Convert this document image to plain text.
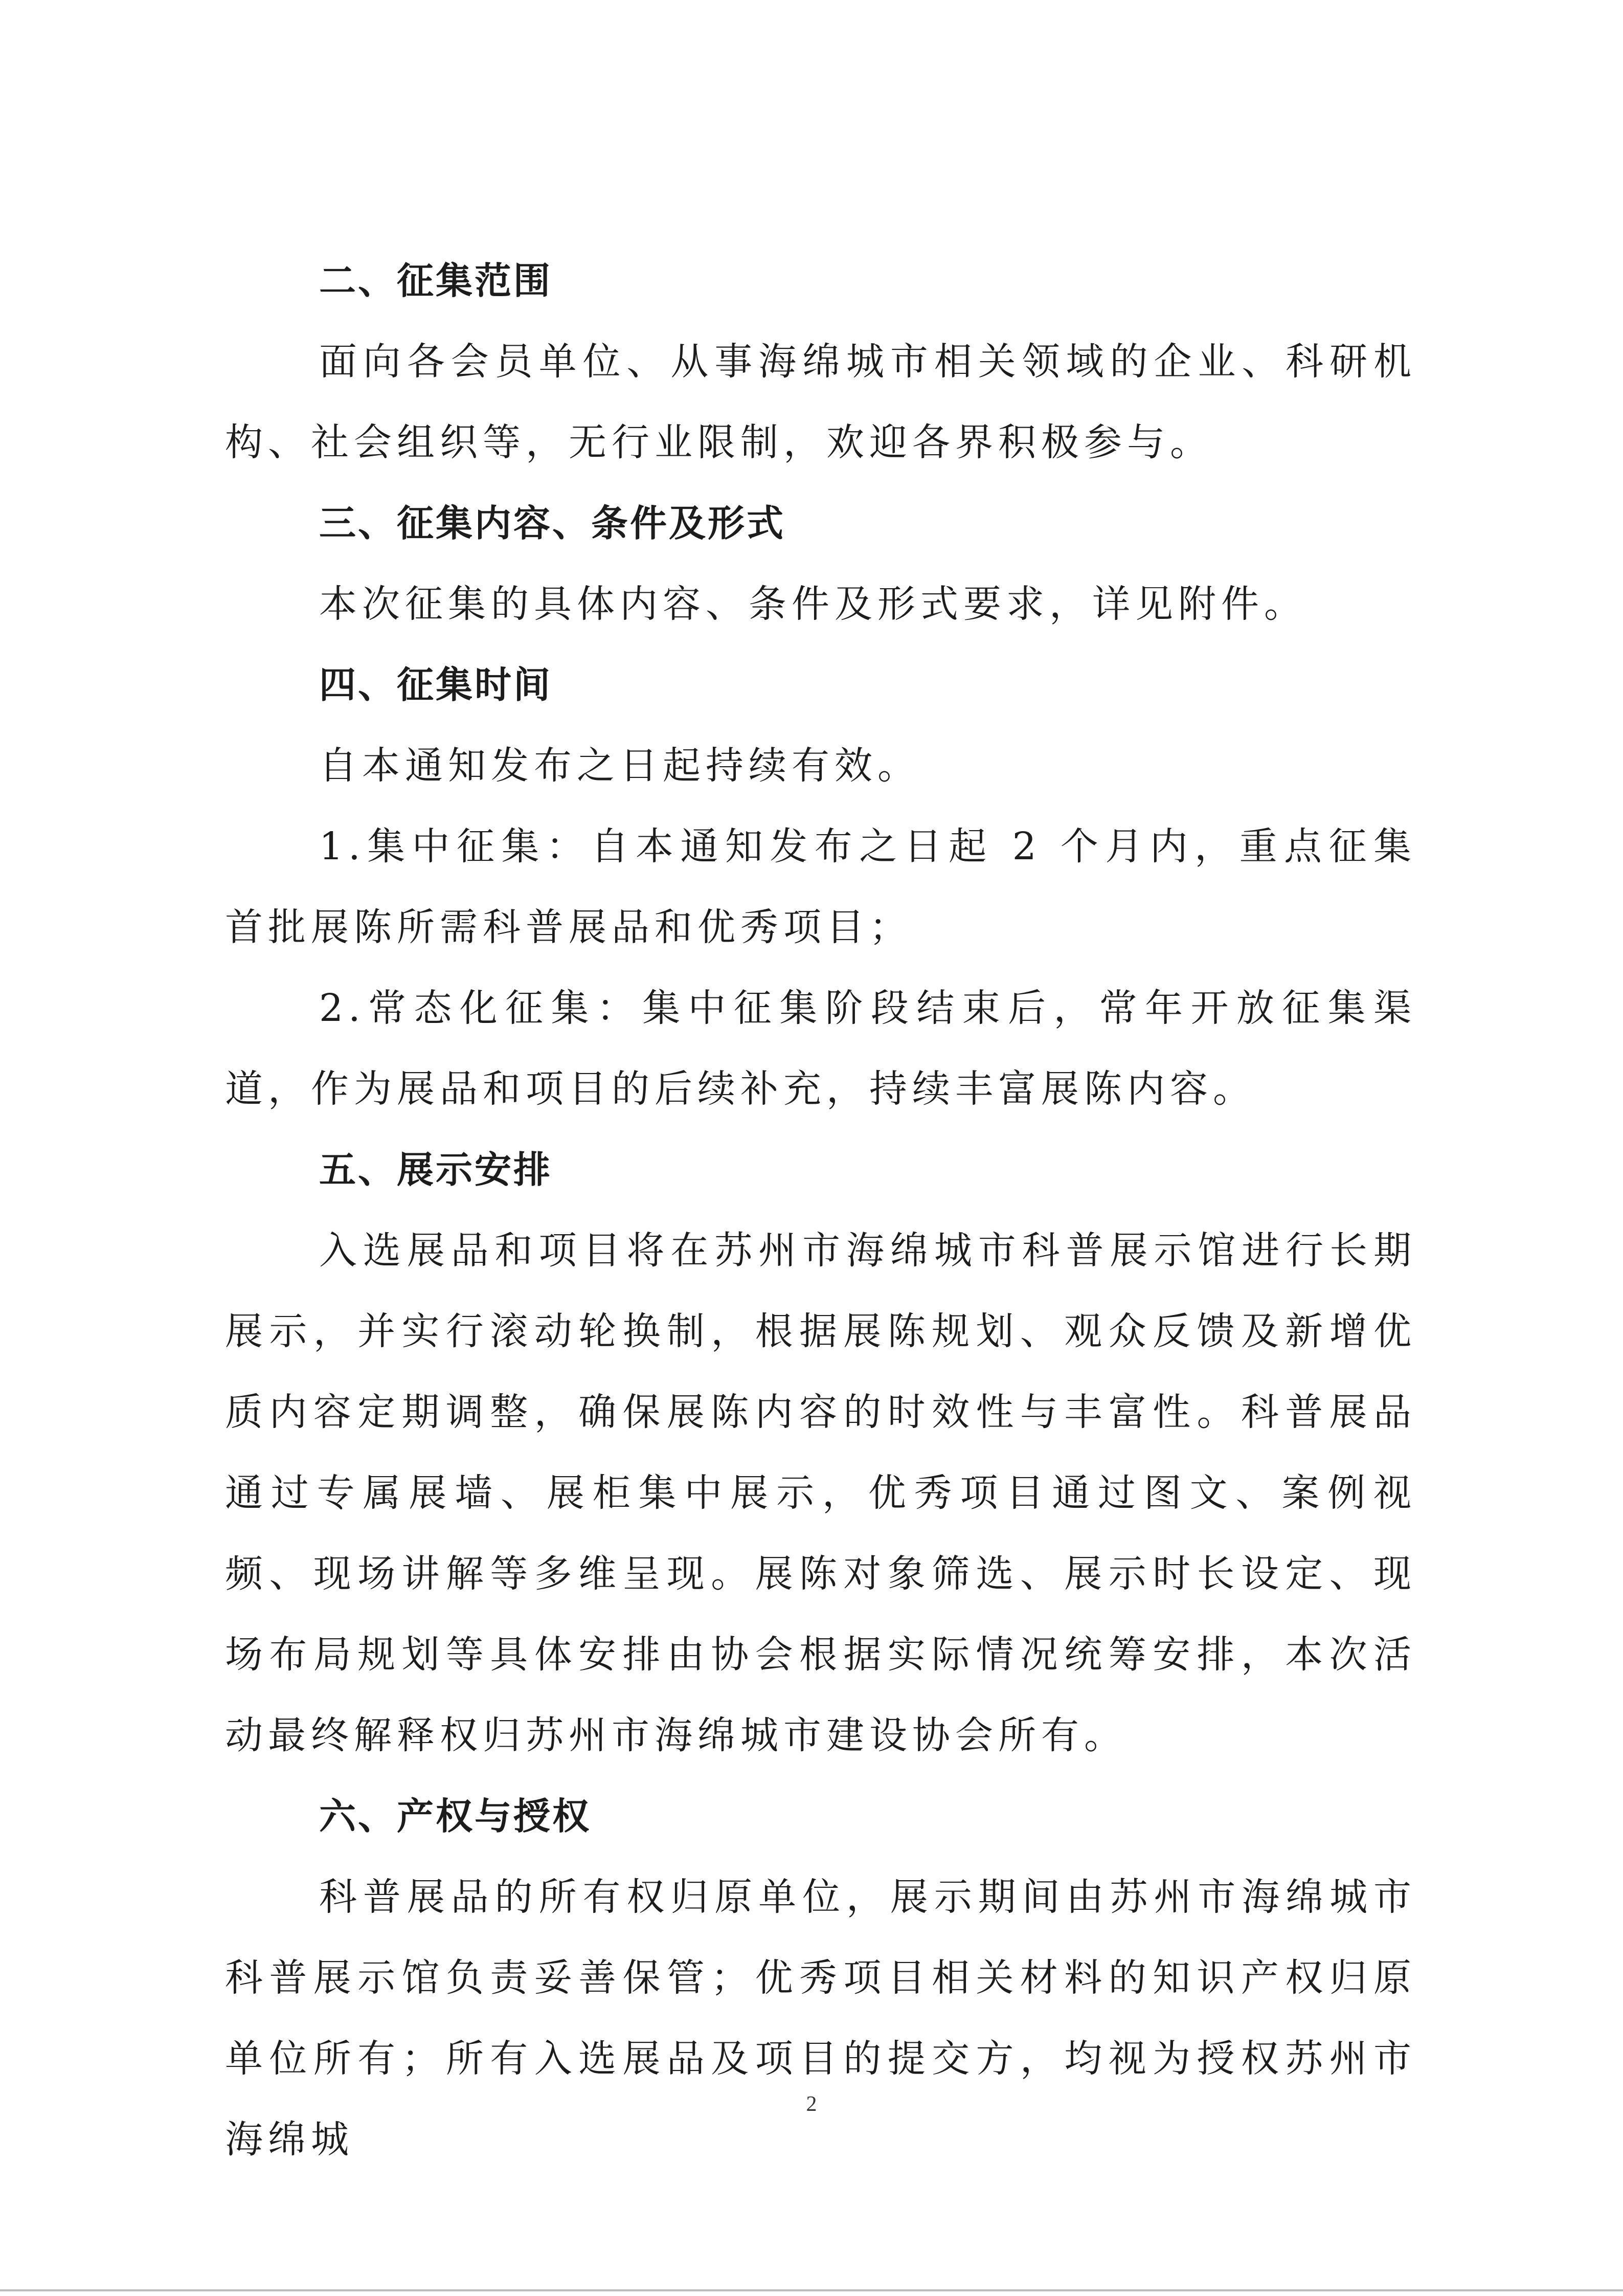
二、征集范围

面向各会员单位、从事海绵城市相关领域的企业、科研机构、社会组织等，无行业限制，欢迎各界积极参与。

三、征集内容、条件及形式

本次征集的具体内容、条件及形式要求，详见附件。

四、征集时间

自本通知发布之日起持续有效。

1.集中征集：自本通知发布之日起 2 个月内，重点征集首批展陈所需科普展品和优秀项目；

2.常态化征集：集中征集阶段结束后，常年开放征集渠道，作为展品和项目的后续补充，持续丰富展陈内容。

五、展示安排

入选展品和项目将在苏州市海绵城市科普展示馆进行长期展示，并实行滚动轮换制，根据展陈规划、观众反馈及新增优质内容定期调整，确保展陈内容的时效性与丰富性。科普展品通过专属展墙、展柜集中展示，优秀项目通过图文、案例视频、现场讲解等多维呈现。展陈对象筛选、展示时长设定、现场布局规划等具体安排由协会根据实际情况统筹安排，本次活动最终解释权归苏州市海绵城市建设协会所有。

六、产权与授权

科普展品的所有权归原单位，展示期间由苏州市海绵城市科普展示馆负责妥善保管；优秀项目相关材料的知识产权归原单位所有；所有入选展品及项目的提交方，均视为授权苏州市海绵城

2
